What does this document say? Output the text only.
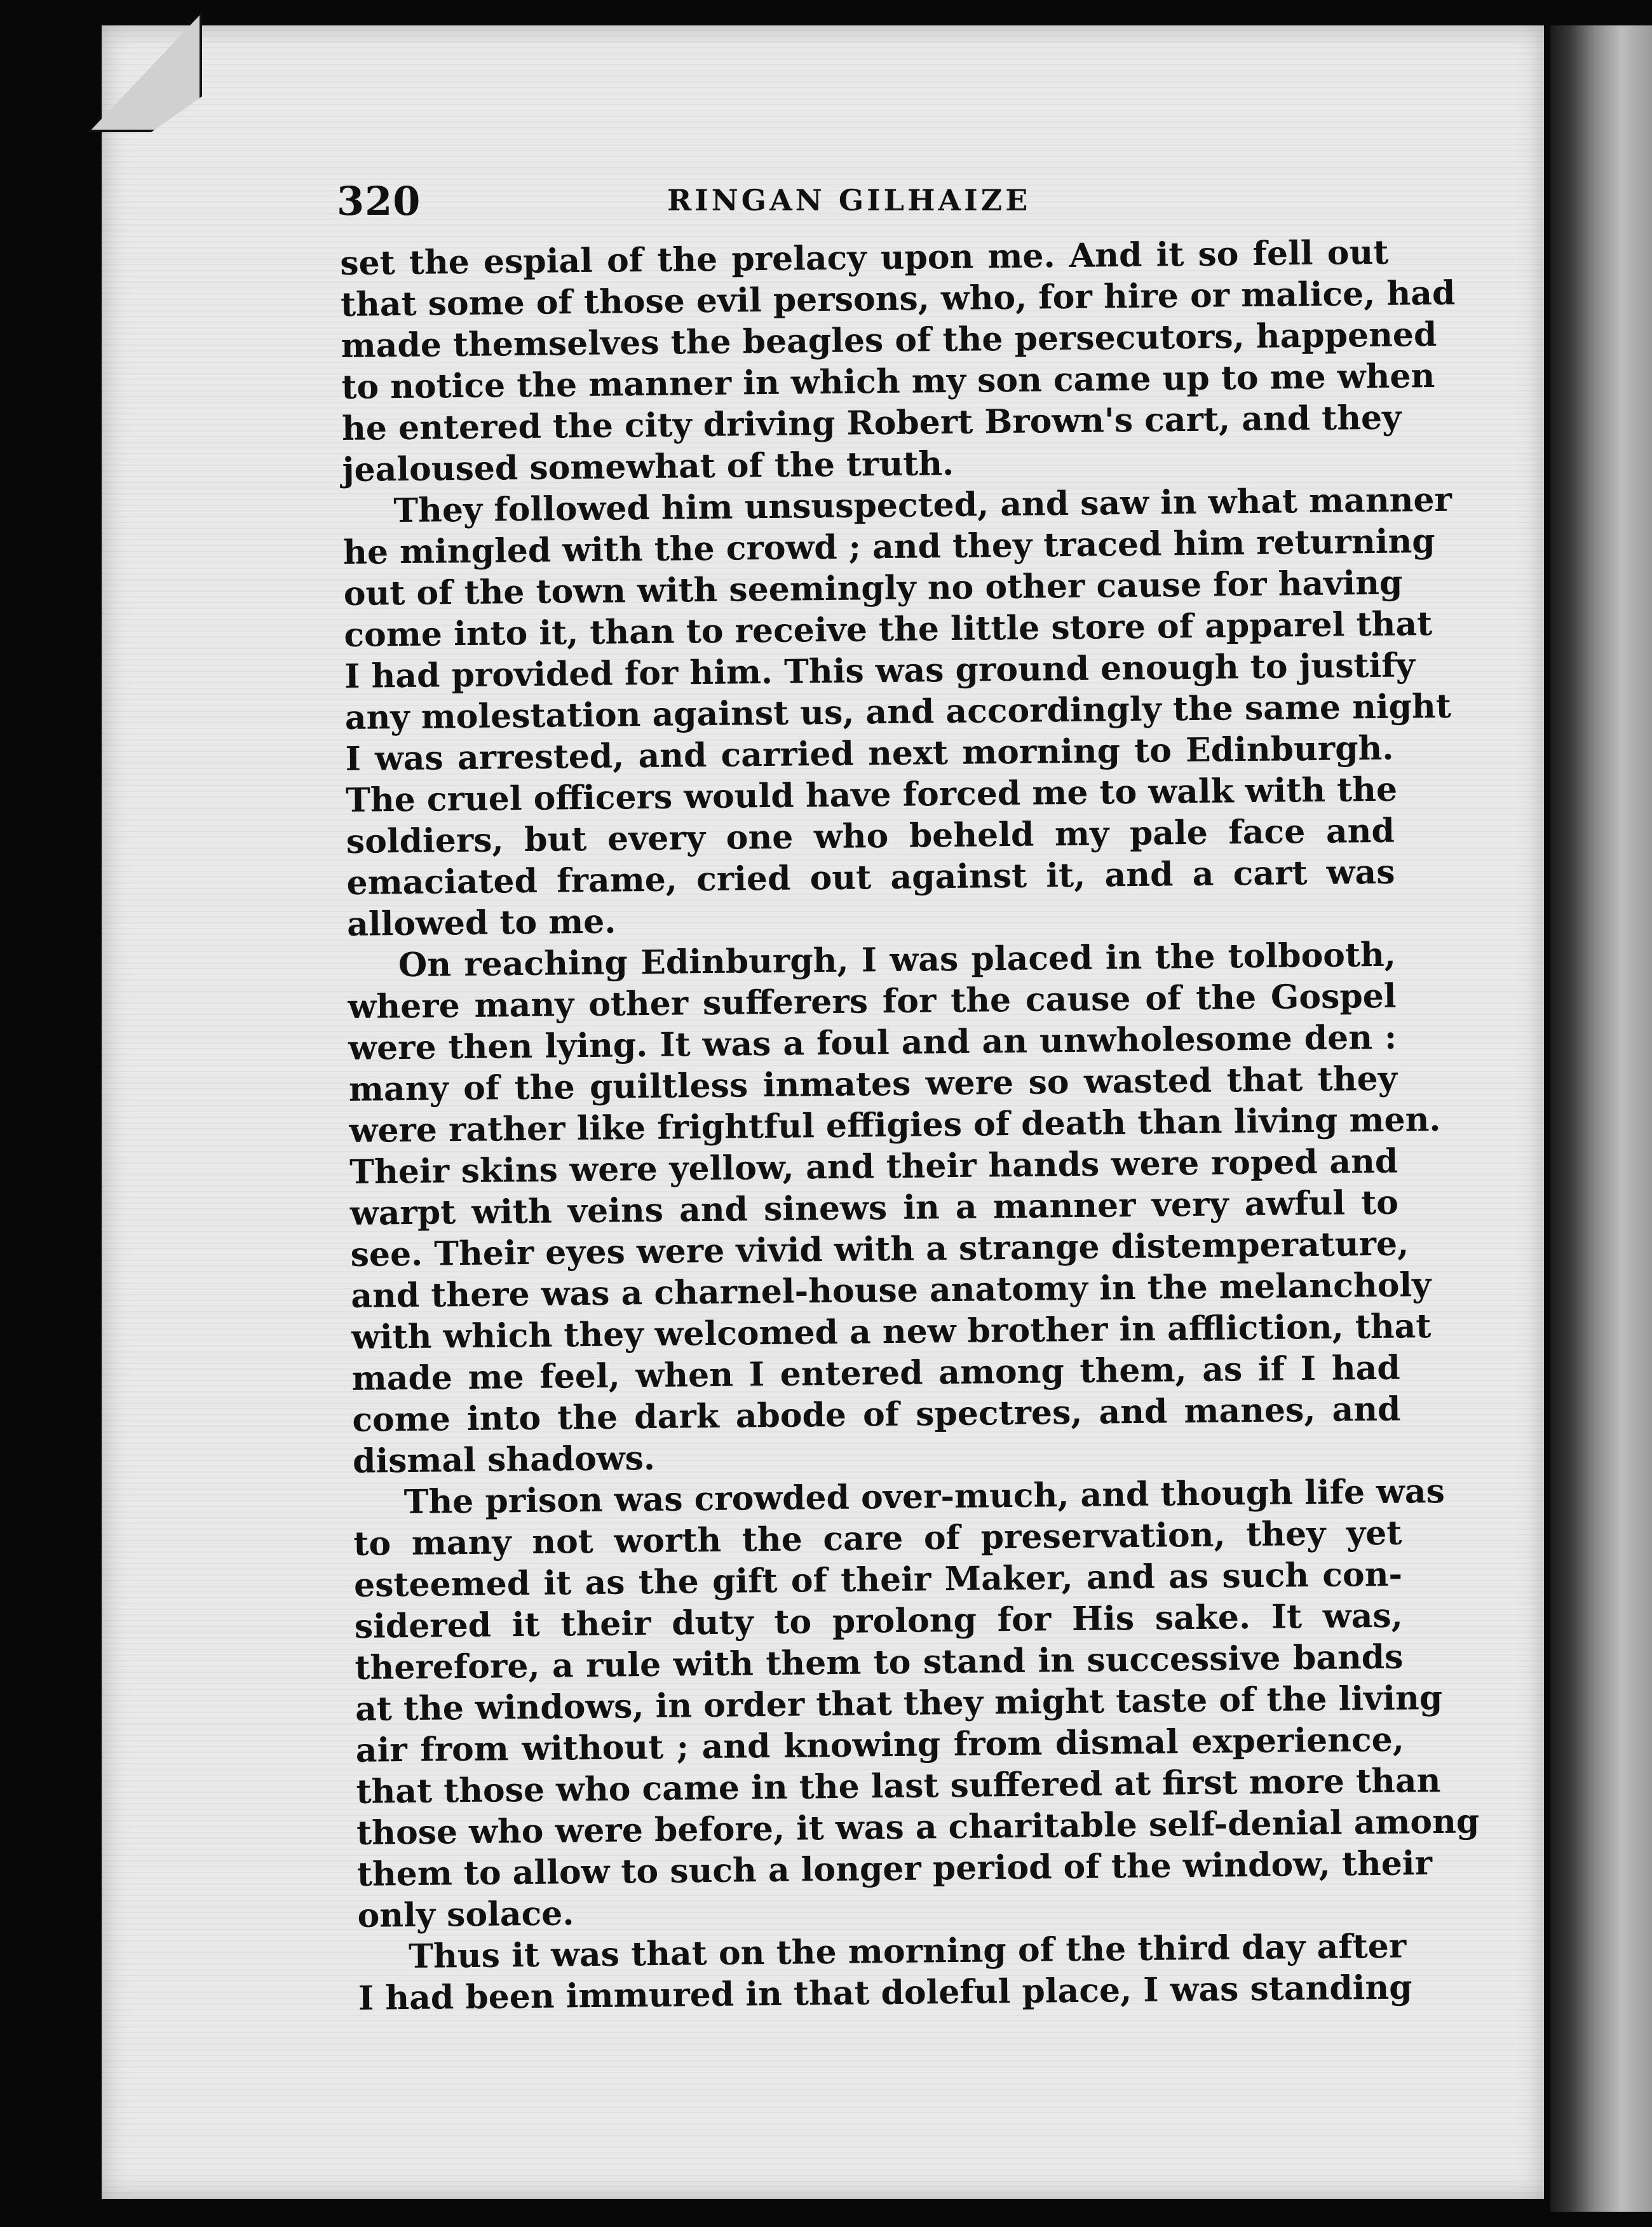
320	RINGAN GILHAIZE
set the espial of the prelacy upon me. And it so fell out
that some of those evil persons, who, for hire or malice, had
made themselves the beagles of the persecutors, happened
to notice the manner in which my son came up to me when
he entered the city driving Robert Brown's cart, and they
jealoused somewhat of the truth.
They followed him unsuspected, and saw in what manner
he mingled with the crowd ; and they traced him returning
out of the town with seemingly no other cause for having
come into it, than to receive the little store of apparel that
I had provided for him. This was ground enough to justify
any molestation against us, and accordingly the same night
I was arrested, and carried next morning to Edinburgh.
The cruel officers would have forced me to walk with the
soldiers, but every one who beheld my pale face and
emaciated frame, cried out against it, and a cart was
allowed to me.
On reaching Edinburgh, I was placed in the tolbooth,
where many other sufferers for the cause of the Gospel
were then lying. It was a foul and an unwholesome den :
many of the guiltless inmates were so wasted that they
were rather like frightful effigies of death than living men.
Their skins were yellow, and their hands were roped and
warpt with veins and sinews in a manner very awful to
see. Their eyes were vivid with a strange distemperature,
and there was a charnel-house anatomy in the melancholy
with which they welcomed a new brother in affliction, that
made me feel, when I entered among them, as if I had
come into the dark abode of spectres, and manes, and
dismal shadows.
The prison was crowded over-much, and though life was
to many not worth the care of preservation, they yet
esteemed it as the gift of their Maker, and as such con-
sidered it their duty to prolong for His sake. It was,
therefore, a rule with them to stand in successive bands
at the windows, in order that they might taste of the living
air from without ; and knowing from dismal experience,
that those who came in the last suffered at first more than
those who were before, it was a charitable self-denial among
them to allow to such a longer period of the window, their
only solace.
Thus it was that on the morning of the third day after
I had been immured in that doleful place, I was standing
